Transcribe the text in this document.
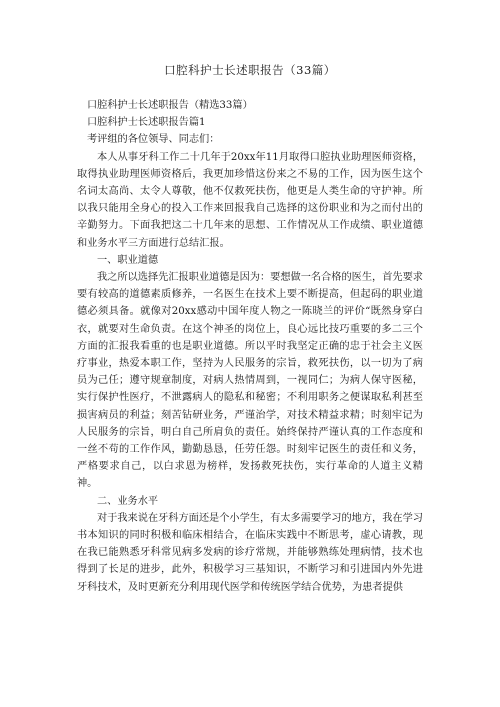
口腔科护士长述职报告（33篇）

口腔科护士长述职报告（精选33篇）

口腔科护士长述职报告篇1

考评组的各位领导、同志们：

本人从事牙科工作二十几年于20xx年11月取得口腔执业助理医师资格，取得执业助理医师资格后，我更加珍惜这份来之不易的工作，因为医生这个名词太高尚、太令人尊敬，他不仅救死扶伤，他更是人类生命的守护神。所以我只能用全身心的投入工作来回报我自己选择的这份职业和为之而付出的辛勤努力。下面我把这二十几年来的思想、工作情况从工作成绩、职业道德和业务水平三方面进行总结汇报。

一、职业道德

我之所以选择先汇报职业道德是因为：要想做一名合格的医生，首先要求要有较高的道德素质修养，一名医生在技术上要不断提高，但起码的职业道德必须具备。就像对20xx感动中国年度人物之一陈晓兰的评价“既然身穿白衣，就要对生命负责。在这个神圣的岗位上，良心远比技巧重要的多二三个方面的汇报我看重的也是职业道德。所以平时我坚定正确的忠于社会主义医疗事业，热爱本职工作，坚持为人民服务的宗旨，救死扶伤，以一切为了病员为己任；遵守规章制度，对病人热情周到，一视同仁；为病人保守医秘，实行保护性医疗，不泄露病人的隐私和秘密；不利用职务之便谋取私利甚至损害病员的利益；刻苦钻研业务，严谨治学，对技术精益求精；时刻牢记为人民服务的宗旨，明白自己所肩负的责任。始终保持严谨认真的工作态度和一丝不苟的工作作风，勤勤恳恳，任劳任怨。时刻牢记医生的责任和义务，严格要求自己，以白求恩为榜样，发扬救死扶伤，实行革命的人道主义精神。

二、业务水平

对于我来说在牙科方面还是个小学生，有太多需要学习的地方，我在学习书本知识的同时积极和临床相结合，在临床实践中不断思考，虚心请教，现在我已能熟悉牙科常见病多发病的诊疗常规，并能够熟练处理病情，技术也得到了长足的进步，此外，积极学习三基知识，不断学习和引进国内外先进牙科技术，及时更新充分利用现代医学和传统医学结合优势，为患者提供
